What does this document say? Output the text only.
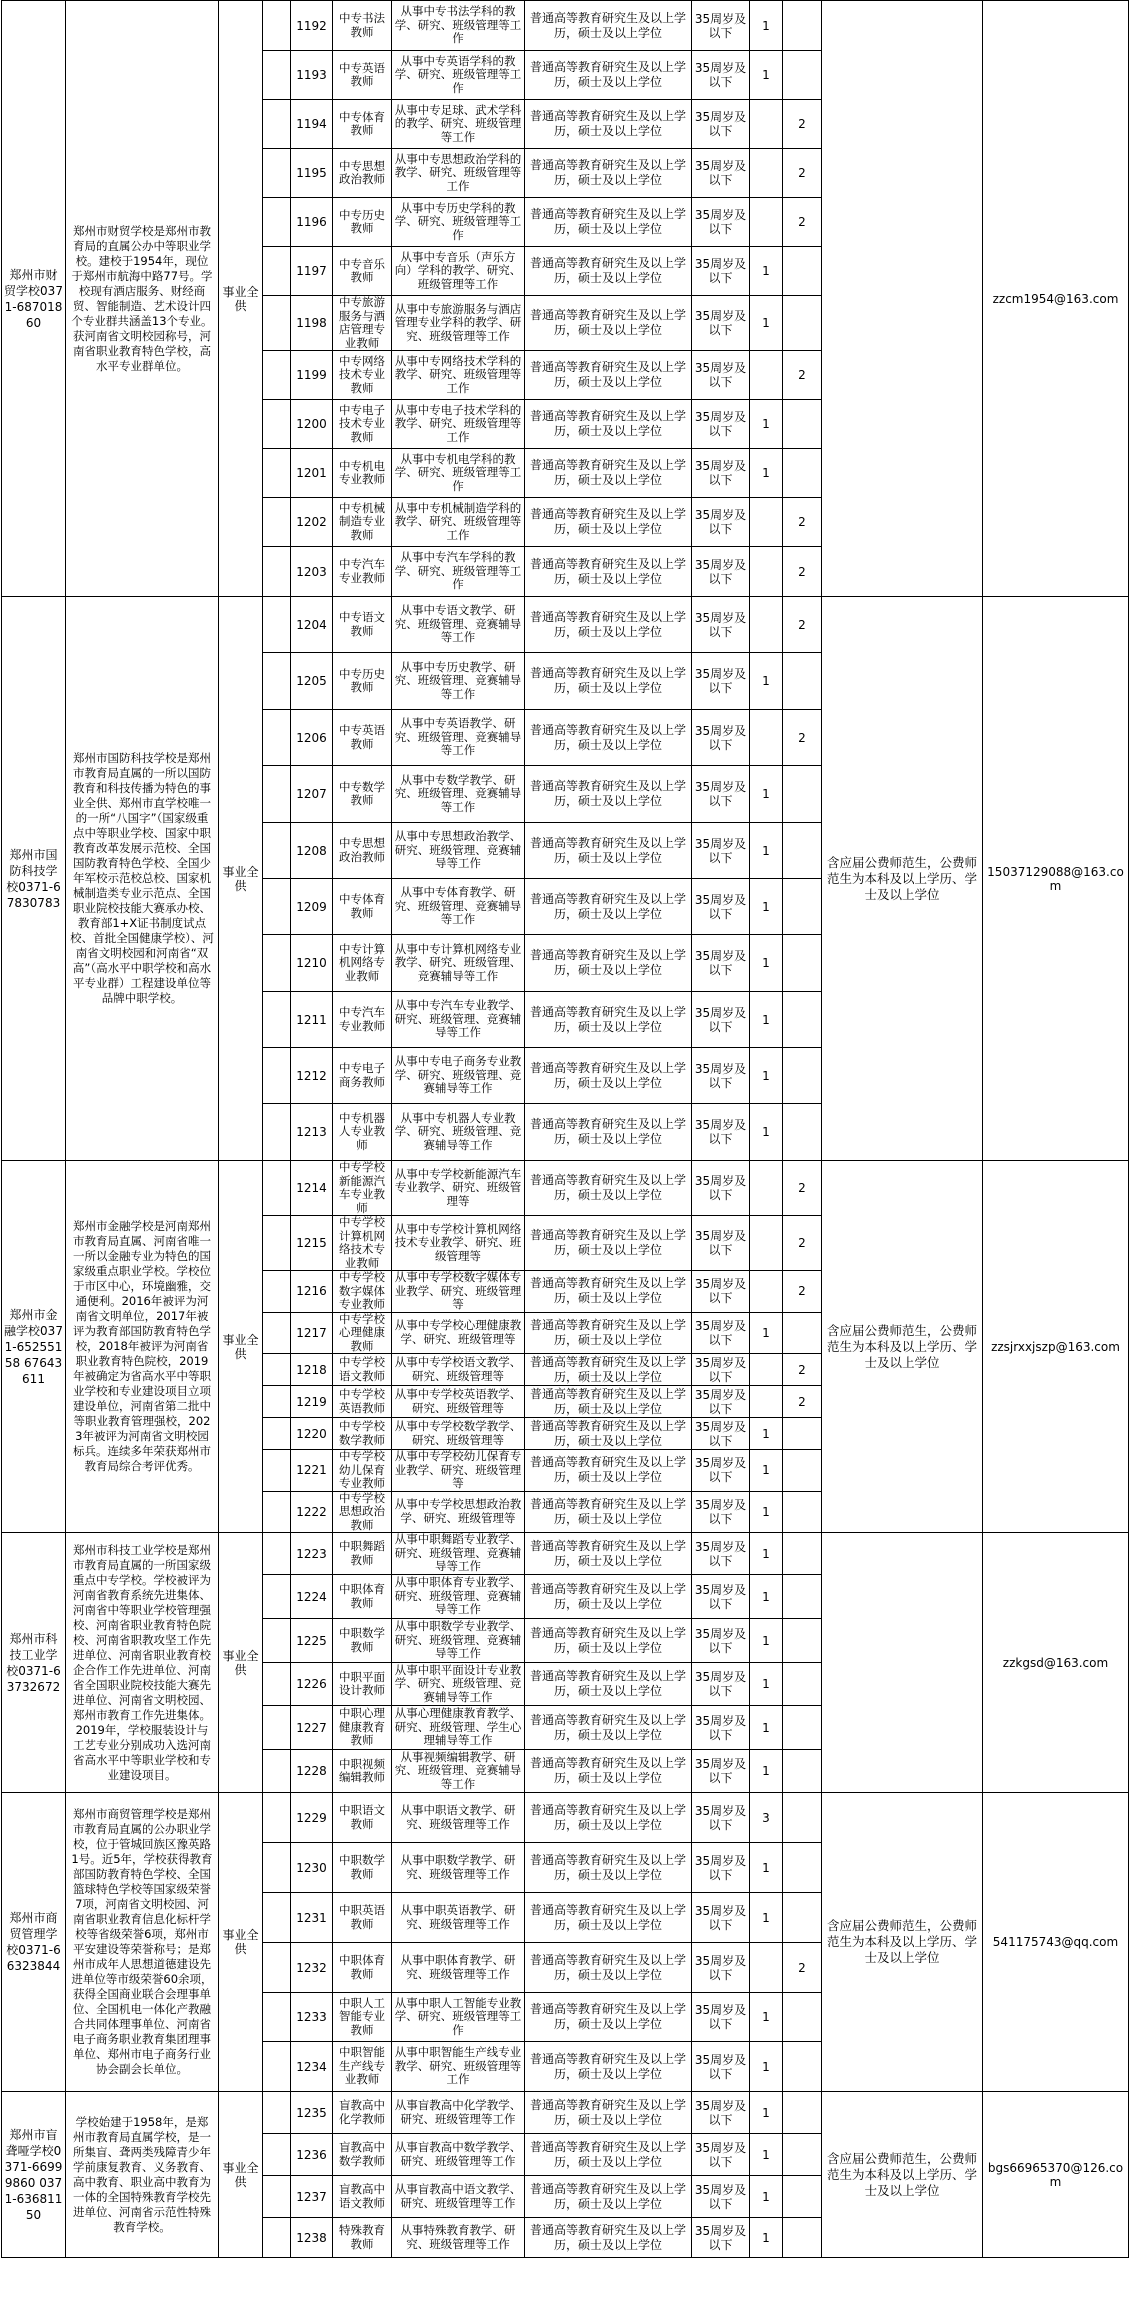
郑州市财贸学校0371-68701860	郑州市财贸学校是郑州市教育局的直属公办中等职业学校。建校于1954年，现位于郑州市航海中路77号。学校现有酒店服务、财经商贸、智能制造、艺术设计四个专业群共涵盖13个专业。获河南省文明校园称号，河南省职业教育特色学校，高水平专业群单位。	事业全供		1192	中专书法教师	从事中专书法学科的教学、研究、班级管理等工作	普通高等教育研究生及以上学历，硕士及以上学位	35周岁及以下	1			zzcm1954@163.com
				1193	中专英语教师	从事中专英语学科的教学、研究、班级管理等工作	普通高等教育研究生及以上学历，硕士及以上学位	35周岁及以下	1			
				1194	中专体育教师	从事中专足球、武术学科的教学、研究、班级管理等工作	普通高等教育研究生及以上学历，硕士及以上学位	35周岁及以下		2		
				1195	中专思想政治教师	从事中专思想政治学科的教学、研究、班级管理等工作	普通高等教育研究生及以上学历，硕士及以上学位	35周岁及以下		2		
				1196	中专历史教师	从事中专历史学科的教学、研究、班级管理等工作	普通高等教育研究生及以上学历，硕士及以上学位	35周岁及以下		2		
				1197	中专音乐教师	从事中专音乐（声乐方向）学科的教学、研究、班级管理等工作	普通高等教育研究生及以上学历，硕士及以上学位	35周岁及以下	1			
				1198	中专旅游服务与酒店管理专业教师	从事中专旅游服务与酒店管理专业学科的教学、研究、班级管理等工作	普通高等教育研究生及以上学历，硕士及以上学位	35周岁及以下	1			
				1199	中专网络技术专业教师	从事中专网络技术学科的教学、研究、班级管理等工作	普通高等教育研究生及以上学历，硕士及以上学位	35周岁及以下		2		
				1200	中专电子技术专业教师	从事中专电子技术学科的教学、研究、班级管理等工作	普通高等教育研究生及以上学历，硕士及以上学位	35周岁及以下	1			
				1201	中专机电专业教师	从事中专机电学科的教学、研究、班级管理等工作	普通高等教育研究生及以上学历，硕士及以上学位	35周岁及以下	1			
				1202	中专机械制造专业教师	从事中专机械制造学科的教学、研究、班级管理等工作	普通高等教育研究生及以上学历，硕士及以上学位	35周岁及以下		2		
				1203	中专汽车专业教师	从事中专汽车学科的教学、研究、班级管理等工作	普通高等教育研究生及以上学历，硕士及以上学位	35周岁及以下		2		
郑州市国防科技学校0371-67830783	郑州市国防科技学校是郑州市教育局直属的一所以国防教育和科技传播为特色的事业全供、郑州市直学校唯一的一所“八国字”（国家级重点中等职业学校、国家中职教育改革发展示范校、全国国防教育特色学校、全国少年军校示范校总校、国家机械制造类专业示范点、全国职业院校技能大赛承办校、教育部1+X证书制度试点校、首批全国健康学校）、河南省文明校园和河南省“双高”（高水平中职学校和高水平专业群）工程建设单位等品牌中职学校。	事业全供		1204	中专语文教师	从事中专语文教学、研究、班级管理、竞赛辅导等工作	普通高等教育研究生及以上学历，硕士及以上学位	35周岁及以下		2	含应届公费师范生，公费师范生为本科及以上学历、学士及以上学位	15037129088@163.com
				1205	中专历史教师	从事中专历史教学、研究、班级管理、竞赛辅导等工作	普通高等教育研究生及以上学历，硕士及以上学位	35周岁及以下	1			
				1206	中专英语教师	从事中专英语教学、研究、班级管理、竞赛辅导等工作	普通高等教育研究生及以上学历，硕士及以上学位	35周岁及以下		2		
				1207	中专数学教师	从事中专数学教学、研究、班级管理、竞赛辅导等工作	普通高等教育研究生及以上学历，硕士及以上学位	35周岁及以下	1			
				1208	中专思想政治教师	从事中专思想政治教学、研究、班级管理、竞赛辅导等工作	普通高等教育研究生及以上学历，硕士及以上学位	35周岁及以下	1			
				1209	中专体育教师	从事中专体育教学、研究、班级管理、竞赛辅导等工作	普通高等教育研究生及以上学历，硕士及以上学位	35周岁及以下	1			
				1210	中专计算机网络专业教师	从事中专计算机网络专业教学、研究、班级管理、竞赛辅导等工作	普通高等教育研究生及以上学历，硕士及以上学位	35周岁及以下	1			
				1211	中专汽车专业教师	从事中专汽车专业教学、研究、班级管理、竞赛辅导等工作	普通高等教育研究生及以上学历，硕士及以上学位	35周岁及以下	1			
				1212	中专电子商务教师	从事中专电子商务专业教学、研究、班级管理、竞赛辅导等工作	普通高等教育研究生及以上学历，硕士及以上学位	35周岁及以下	1			
				1213	中专机器人专业教师	从事中专机器人专业教学、研究、班级管理、竞赛辅导等工作	普通高等教育研究生及以上学历，硕士及以上学位	35周岁及以下	1			
郑州市金融学校0371-65255158 67643611	郑州市金融学校是河南郑州市教育局直属、河南省唯一一所以金融专业为特色的国家级重点职业学校。学校位于市区中心，环境幽雅，交通便利。2016年被评为河南省文明单位，2017年被评为教育部国防教育特色学校，2018年被评为河南省职业教育特色院校，2019年被确定为省高水平中等职业学校和专业建设项目立项建设单位，河南省第二批中等职业教育管理强校，2023年被评为河南省文明校园标兵。连续多年荣获郑州市教育局综合考评优秀。	事业全供		1214	中专学校新能源汽车专业教师	从事中专学校新能源汽车专业教学、研究、班级管理等	普通高等教育研究生及以上学历，硕士及以上学位	35周岁及以下		2	含应届公费师范生，公费师范生为本科及以上学历、学士及以上学位	zzsjrxxjszp@163.com
				1215	中专学校计算机网络技术专业教师	从事中专学校计算机网络技术专业教学、研究、班级管理等	普通高等教育研究生及以上学历，硕士及以上学位	35周岁及以下		2		
				1216	中专学校数字媒体专业教师	从事中专学校数字媒体专业教学、研究、班级管理等	普通高等教育研究生及以上学历，硕士及以上学位	35周岁及以下		2		
				1217	中专学校心理健康教师	从事中专学校心理健康教学、研究、班级管理等	普通高等教育研究生及以上学历，硕士及以上学位	35周岁及以下	1			
				1218	中专学校语文教师	从事中专学校语文教学、研究、班级管理等	普通高等教育研究生及以上学历，硕士及以上学位	35周岁及以下		2		
				1219	中专学校英语教师	从事中专学校英语教学、研究、班级管理等	普通高等教育研究生及以上学历，硕士及以上学位	35周岁及以下		2		
				1220	中专学校数学教师	从事中专学校数学教学、研究、班级管理等	普通高等教育研究生及以上学历，硕士及以上学位	35周岁及以下	1			
				1221	中专学校幼儿保育专业教师	从事中专学校幼儿保育专业教学、研究、班级管理等	普通高等教育研究生及以上学历，硕士及以上学位	35周岁及以下	1			
				1222	中专学校思想政治教师	从事中专学校思想政治教学、研究、班级管理等	普通高等教育研究生及以上学历，硕士及以上学位	35周岁及以下	1			
郑州市科技工业学校0371-63732672	郑州市科技工业学校是郑州市教育局直属的一所国家级重点中专学校。学校被评为河南省教育系统先进集体、河南省中等职业学校管理强校、河南省职业教育特色院校、河南省职教攻坚工作先进单位、河南省职业教育校企合作工作先进单位、河南省全国职业院校技能大赛先进单位、河南省文明校园、郑州市教育工作先进集体。2019年，学校服装设计与工艺专业分别成功入选河南省高水平中等职业学校和专业建设项目。	事业全供		1223	中职舞蹈教师	从事中职舞蹈专业教学、研究、班级管理、竞赛辅导等工作	普通高等教育研究生及以上学历，硕士及以上学位	35周岁及以下	1			zzkgsd@163.com
				1224	中职体育教师	从事中职体育专业教学、研究、班级管理、竞赛辅导等工作	普通高等教育研究生及以上学历，硕士及以上学位	35周岁及以下	1			
				1225	中职数学教师	从事中职数学专业教学、研究、班级管理、竞赛辅导等工作	普通高等教育研究生及以上学历，硕士及以上学位	35周岁及以下	1			
				1226	中职平面设计教师	从事中职平面设计专业教学、研究、班级管理、竞赛辅导等工作	普通高等教育研究生及以上学历，硕士及以上学位	35周岁及以下	1			
				1227	中职心理健康教育教师	从事心理健康教育教学、研究、班级管理、学生心理辅导等工作	普通高等教育研究生及以上学历，硕士及以上学位	35周岁及以下	1			
				1228	中职视频编辑教师	从事视频编辑教学、研究、班级管理、竞赛辅导等工作	普通高等教育研究生及以上学历，硕士及以上学位	35周岁及以下	1			
郑州市商贸管理学校0371-66323844	郑州市商贸管理学校是郑州市教育局直属的公办职业学校，位于管城回族区豫英路1号。近5年，学校获得教育部国防教育特色学校、全国篮球特色学校等国家级荣誉7项，河南省文明校园、河南省职业教育信息化标杆学校等省级荣誉6项，郑州市平安建设等荣誉称号；是郑州市成年人思想道德建设先进单位等市级荣誉60余项，获得全国商业联合会理事单位、全国机电一体化产教融合共同体理事单位、河南省电子商务职业教育集团理事单位、郑州市电子商务行业协会副会长单位。	事业全供		1229	中职语文教师	从事中职语文教学、研究、班级管理等工作	普通高等教育研究生及以上学历，硕士及以上学位	35周岁及以下	3		含应届公费师范生，公费师范生为本科及以上学历、学士及以上学位	541175743@qq.com
				1230	中职数学教师	从事中职数学教学、研究、班级管理等工作	普通高等教育研究生及以上学历，硕士及以上学位	35周岁及以下	1			
				1231	中职英语教师	从事中职英语教学、研究、班级管理等工作	普通高等教育研究生及以上学历，硕士及以上学位	35周岁及以下	1			
				1232	中职体育教师	从事中职体育教学、研究、班级管理等工作	普通高等教育研究生及以上学历，硕士及以上学位	35周岁及以下		2		
				1233	中职人工智能专业教师	从事中职人工智能专业教学、研究、班级管理等工作	普通高等教育研究生及以上学历，硕士及以上学位	35周岁及以下	1			
				1234	中职智能生产线专业教师	从事中职智能生产线专业教学、研究、班级管理等工作	普通高等教育研究生及以上学历，硕士及以上学位	35周岁及以下	1			
郑州市盲聋哑学校0371-66999860 0371-63681150	学校始建于1958年，是郑州市教育局直属学校，是一所集盲、聋两类残障青少年学前康复教育、义务教育、高中教育、职业高中教育为一体的全国特殊教育学校先进单位、河南省示范性特殊教育学校。	事业全供		1235	盲教高中化学教师	从事盲教高中化学教学、研究、班级管理等工作	普通高等教育研究生及以上学历，硕士及以上学位	35周岁及以下	1		含应届公费师范生，公费师范生为本科及以上学历、学士及以上学位	bgs66965370@126.com
				1236	盲教高中数学教师	从事盲教高中数学教学、研究、班级管理等工作	普通高等教育研究生及以上学历，硕士及以上学位	35周岁及以下	1			
				1237	盲教高中语文教师	从事盲教高中语文教学、研究、班级管理等工作	普通高等教育研究生及以上学历，硕士及以上学位	35周岁及以下	1			
				1238	特殊教育教师	从事特殊教育教学、研究、班级管理等工作	普通高等教育研究生及以上学历，硕士及以上学位	35周岁及以下	1			
